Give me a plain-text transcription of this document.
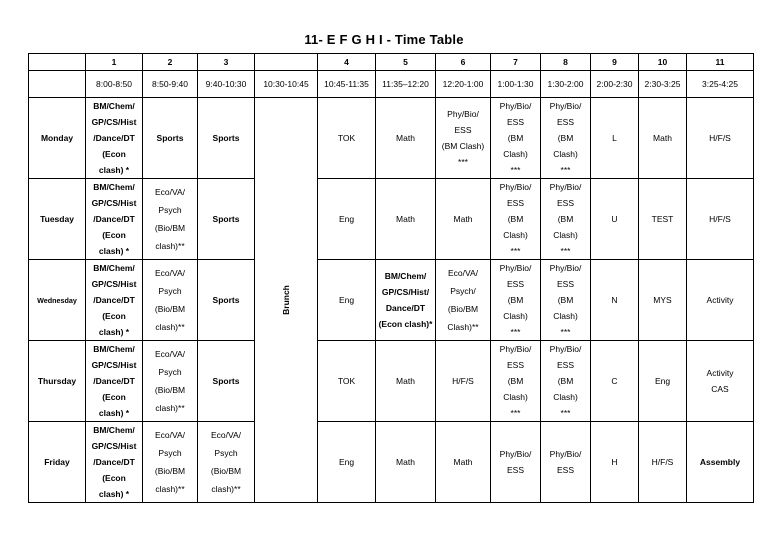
11- E F G H I - Time Table
	1	2	3		4	5	6	7	8	9	10	11
	8:00-8:50	8:50-9:40	9:40-10:30	10:30-10:45	10:45-11:35	11:35–12:20	12:20-1:00	1:00-1:30	1:30-2:00	2:00-2:30	2:30-3:25	3:25-4:25
Monday	BM/Chem/
GP/CS/Hist
/Dance/DT
(Econ
clash) *	Sports	Sports	Brunch	TOK	Math	Phy/Bio/
ESS
(BM Clash)
***	Phy/Bio/
ESS
(BM
Clash)
***	Phy/Bio/
ESS
(BM
Clash)
***	L	Math	H/F/S
Tuesday	BM/Chem/
GP/CS/Hist
/Dance/DT
(Econ
clash) *	Eco/VA/
Psych
(Bio/BM
clash)**	Sports		Eng	Math	Math	Phy/Bio/
ESS
(BM
Clash)
***	Phy/Bio/
ESS
(BM
Clash)
***	U	TEST	H/F/S
Wednesday	BM/Chem/
GP/CS/Hist
/Dance/DT
(Econ
clash) *	Eco/VA/
Psych
(Bio/BM
clash)**	Sports		Eng	BM/Chem/
GP/CS/Hist/
Dance/DT
(Econ clash)*	Eco/VA/
Psych/
(Bio/BM
Clash)**	Phy/Bio/
ESS
(BM
Clash)
***	Phy/Bio/
ESS
(BM
Clash)
***	N	MYS	Activity
Thursday	BM/Chem/
GP/CS/Hist
/Dance/DT
(Econ
clash) *	Eco/VA/
Psych
(Bio/BM
clash)**	Sports		TOK	Math	H/F/S	Phy/Bio/
ESS
(BM
Clash)
***	Phy/Bio/
ESS
(BM
Clash)
***	C	Eng	Activity
CAS
Friday	BM/Chem/
GP/CS/Hist
/Dance/DT
(Econ
clash) *	Eco/VA/
Psych
(Bio/BM
clash)**	Eco/VA/
Psych
(Bio/BM
clash)**		Eng	Math	Math	Phy/Bio/
ESS	Phy/Bio/
ESS	H	H/F/S	Assembly
